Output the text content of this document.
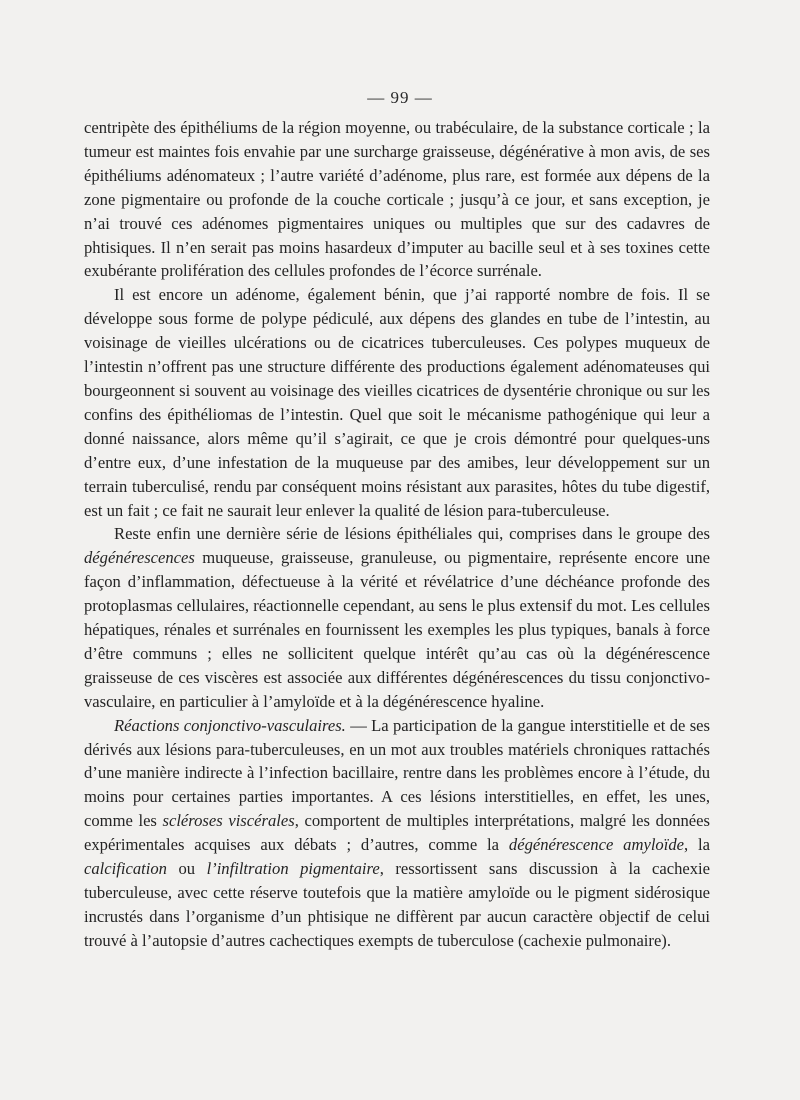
— 99 —

centripète des épithéliums de la région moyenne, ou trabéculaire, de la substance corticale ; la tumeur est maintes fois envahie par une surcharge graisseuse, dégénérative à mon avis, de ses épithéliums adénomateux ; l’autre variété d’adénome, plus rare, est formée aux dépens de la zone pigmentaire ou profonde de la couche corticale ; jusqu’à ce jour, et sans exception, je n’ai trouvé ces adénomes pigmentaires uniques ou multiples que sur des cadavres de phtisiques. Il n’en serait pas moins hasardeux d’imputer au bacille seul et à ses toxines cette exubérante prolifération des cellules profondes de l’écorce surrénale.

Il est encore un adénome, également bénin, que j’ai rapporté nombre de fois. Il se développe sous forme de polype pédiculé, aux dépens des glandes en tube de l’intestin, au voisinage de vieilles ulcérations ou de cicatrices tuberculeuses. Ces polypes muqueux de l’intestin n’offrent pas une structure différente des productions également adénomateuses qui bourgeonnent si souvent au voisinage des vieilles cicatrices de dysentérie chronique ou sur les confins des épithéliomas de l’intestin. Quel que soit le mécanisme pathogénique qui leur a donné naissance, alors même qu’il s’agirait, ce que je crois démontré pour quelques-uns d’entre eux, d’une infestation de la muqueuse par des amibes, leur développement sur un terrain tuberculisé, rendu par conséquent moins résistant aux parasites, hôtes du tube digestif, est un fait ; ce fait ne saurait leur enlever la qualité de lésion para-tuberculeuse.

Reste enfin une dernière série de lésions épithéliales qui, comprises dans le groupe des dégénérescences muqueuse, graisseuse, granuleuse, ou pigmentaire, représente encore une façon d’inflammation, défectueuse à la vérité et révélatrice d’une déchéance profonde des protoplasmas cellulaires, réactionnelle cependant, au sens le plus extensif du mot. Les cellules hépatiques, rénales et surrénales en fournissent les exemples les plus typiques, banals à force d’être communs ; elles ne sollicitent quelque intérêt qu’au cas où la dégénérescence graisseuse de ces viscères est associée aux différentes dégénérescences du tissu conjonctivo-vasculaire, en particulier à l’amyloïde et à la dégénérescence hyaline.

Réactions conjonctivo-vasculaires. — La participation de la gangue interstitielle et de ses dérivés aux lésions para-tuberculeuses, en un mot aux troubles matériels chroniques rattachés d’une manière indirecte à l’infection bacillaire, rentre dans les problèmes encore à l’étude, du moins pour certaines parties importantes. A ces lésions interstitielles, en effet, les unes, comme les scléroses viscérales, comportent de multiples interprétations, malgré les données expérimentales acquises aux débats ; d’autres, comme la dégénérescence amyloïde, la calcification ou l’infiltration pigmentaire, ressortissent sans discussion à la cachexie tuberculeuse, avec cette réserve toutefois que la matière amyloïde ou le pigment sidérosique incrustés dans l’organisme d’un phtisique ne diffèrent par aucun caractère objectif de celui trouvé à l’autopsie d’autres cachectiques exempts de tuberculose (cachexie pulmonaire).
